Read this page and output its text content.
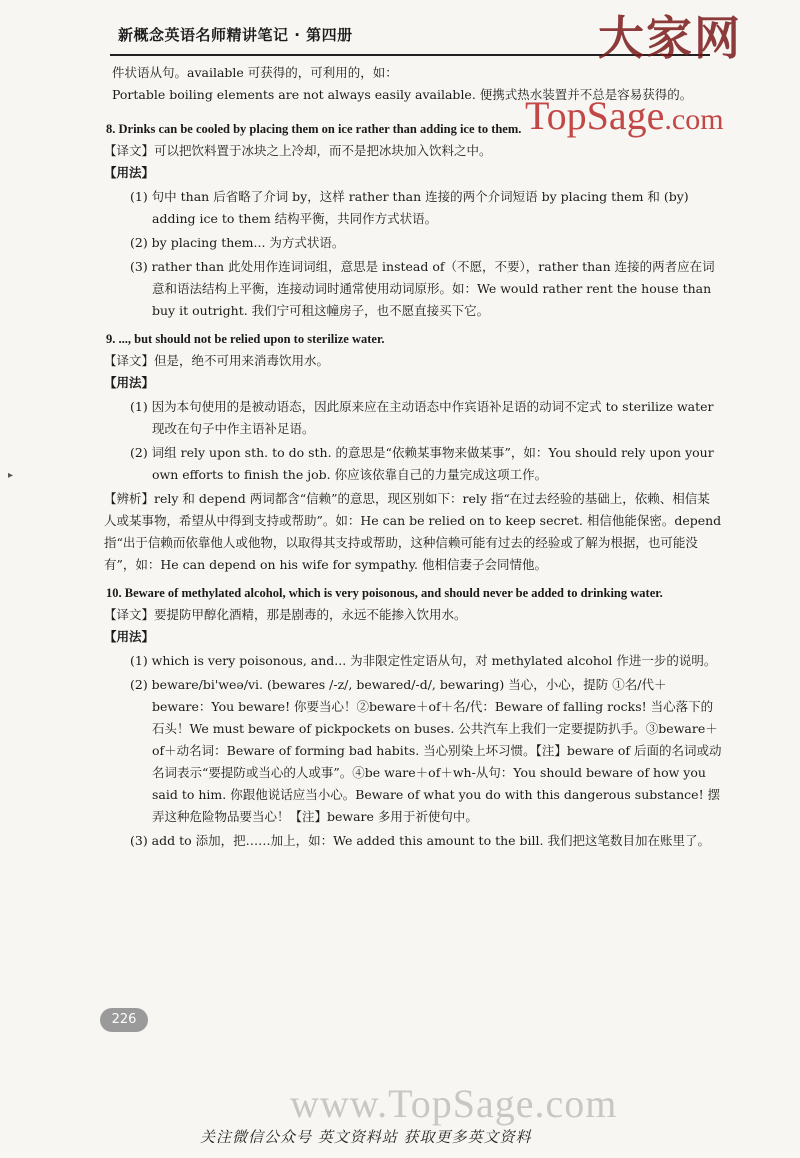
新概念英语名师精讲笔记 · 第四册	大家网
TopSage.com
▸

件状语从句。available 可获得的，可利用的，如：

Portable boiling elements are not always easily available. 便携式热水装置并不总是容易获得的。

8. Drinks can be cooled by placing them on ice rather than adding ice to them.

【译文】可以把饮料置于冰块之上冷却，而不是把冰块加入饮料之中。

【用法】

(1) 句中 than 后省略了介词 by，这样 rather than 连接的两个介词短语 by placing them 和 (by) adding ice to them 结构平衡，共同作方式状语。

(2) by placing them... 为方式状语。

(3) rather than 此处用作连词词组，意思是 instead of（不愿，不要），rather than 连接的两者应在词意和语法结构上平衡，连接动词时通常使用动词原形。如：We would rather rent the house than buy it outright. 我们宁可租这幢房子，也不愿直接买下它。

9. ..., but should not be relied upon to sterilize water.

【译文】但是，绝不可用来消毒饮用水。

【用法】

(1) 因为本句使用的是被动语态，因此原来应在主动语态中作宾语补足语的动词不定式 to sterilize water 现改在句子中作主语补足语。

(2) 词组 rely upon sth. to do sth. 的意思是“依赖某事物来做某事”，如：You should rely upon your own efforts to finish the job. 你应该依靠自己的力量完成这项工作。

【辨析】rely 和 depend 两词都含“信赖”的意思，现区别如下：rely 指“在过去经验的基础上，依赖、相信某人或某事物，希望从中得到支持或帮助”。如：He can be relied on to keep secret. 相信他能保密。depend 指“出于信赖而依靠他人或他物，以取得其支持或帮助，这种信赖可能有过去的经验或了解为根据，也可能没有”，如：He can depend on his wife for sympathy. 他相信妻子会同情他。

10. Beware of methylated alcohol, which is very poisonous, and should never be added to drinking water.

【译文】要提防甲醇化酒精，那是剧毒的，永远不能掺入饮用水。

【用法】

(1) which is very poisonous, and... 为非限定性定语从句，对 methylated alcohol 作进一步的说明。

(2) beware/bi'weə/vi. (bewares /-z/, bewared/-d/, bewaring) 当心，小心，提防 ①名/代＋beware：You beware! 你要当心！②beware＋of＋名/代：Beware of falling rocks! 当心落下的石头！We must beware of pickpockets on buses. 公共汽车上我们一定要提防扒手。③beware＋of＋动名词：Beware of forming bad habits. 当心别染上坏习惯。【注】beware of 后面的名词或动名词表示“要提防或当心的人或事”。④be ware＋of＋wh-从句：You should beware of how you said to him. 你跟他说话应当小心。Beware of what you do with this dangerous substance! 摆弄这种危险物品要当心！【注】beware 多用于祈使句中。

(3) add to 添加，把……加上，如：We added this amount to the bill. 我们把这笔数目加在账里了。

226
www.TopSage.com
关注微信公众号 英文资料站 获取更多英文资料
